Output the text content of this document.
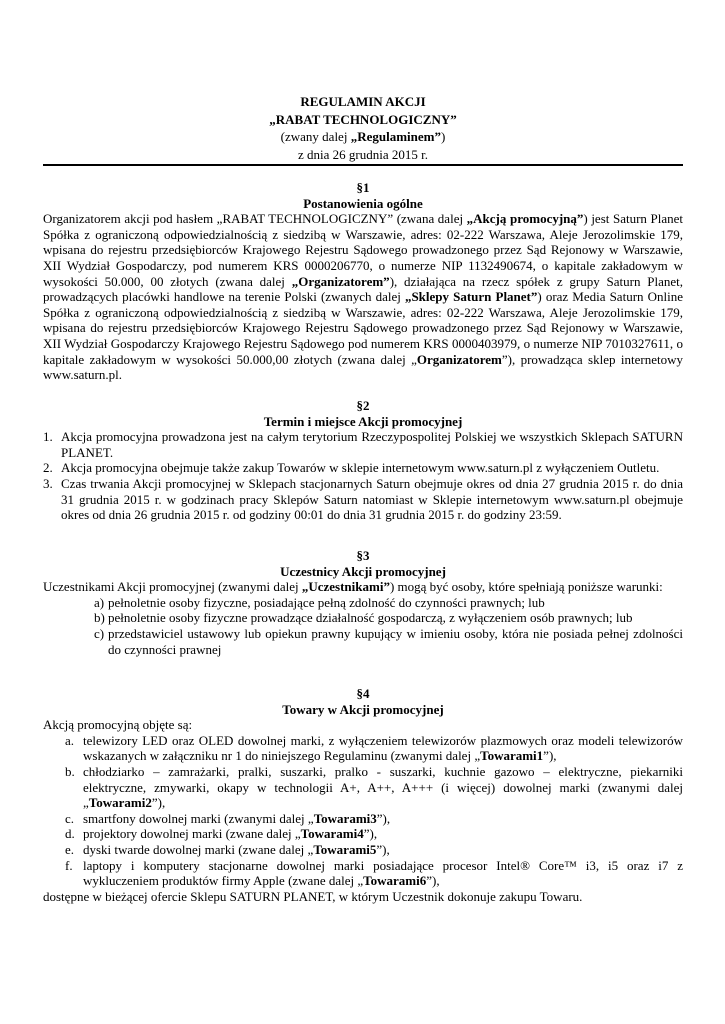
REGULAMIN AKCJI
„RABAT TECHNOLOGICZNY”
(zwany dalej „Regulaminem”)
z dnia 26 grudnia 2015 r.
§1
Postanowienia ogólne

Organizatorem akcji pod hasłem „RABAT TECHNOLOGICZNY” (zwana dalej „Akcją promocyjną”) jest Saturn Planet Spółka z ograniczoną odpowiedzialnością z siedzibą w Warszawie, adres: 02-222 Warszawa, Aleje Jerozolimskie 179, wpisana do rejestru przedsiębiorców Krajowego Rejestru Sądowego prowadzonego przez Sąd Rejonowy w Warszawie, XII Wydział Gospodarczy, pod numerem KRS 0000206770, o numerze NIP 1132490674, o kapitale zakładowym w wysokości 50.000, 00 złotych (zwana dalej „Organizatorem”), działająca na rzecz spółek z grupy Saturn Planet, prowadzących placówki handlowe na terenie Polski (zwanych dalej „Sklepy Saturn Planet”) oraz Media Saturn Online Spółka z ograniczoną odpowiedzialnością z siedzibą w Warszawie, adres: 02-222 Warszawa, Aleje Jerozolimskie 179, wpisana do rejestru przedsiębiorców Krajowego Rejestru Sądowego prowadzonego przez Sąd Rejonowy w Warszawie, XII Wydział Gospodarczy Krajowego Rejestru Sądowego pod numerem KRS 0000403979, o numerze NIP 7010327611, o kapitale zakładowym w wysokości 50.000,00 złotych (zwana dalej „Organizatorem”), prowadząca sklep internetowy www.saturn.pl.

§2
Termin i miejsce Akcji promocyjnej
1. Akcja promocyjna prowadzona jest na całym terytorium Rzeczypospolitej Polskiej we wszystkich Sklepach SATURN PLANET.
2. Akcja promocyjna obejmuje także zakup Towarów w sklepie internetowym www.saturn.pl z wyłączeniem Outletu.
3. Czas trwania Akcji promocyjnej w Sklepach stacjonarnych Saturn obejmuje okres od dnia 27 grudnia 2015 r. do dnia 31 grudnia 2015 r. w godzinach pracy Sklepów Saturn natomiast w Sklepie internetowym www.saturn.pl obejmuje okres od dnia 26 grudnia 2015 r. od godziny 00:01 do dnia 31 grudnia 2015 r. do godziny 23:59.
§3
Uczestnicy Akcji promocyjnej

Uczestnikami Akcji promocyjnej (zwanymi dalej „Uczestnikami”) mogą być osoby, które spełniają poniższe warunki:

a) pełnoletnie osoby fizyczne, posiadające pełną zdolność do czynności prawnych; lub
b) pełnoletnie osoby fizyczne prowadzące działalność gospodarczą, z wyłączeniem osób prawnych; lub
c) przedstawiciel ustawowy lub opiekun prawny kupujący w imieniu osoby, która nie posiada pełnej zdolności do czynności prawnej
§4
Towary w Akcji promocyjnej

Akcją promocyjną objęte są:

a. telewizory LED oraz OLED dowolnej marki, z wyłączeniem telewizorów plazmowych oraz modeli telewizorów wskazanych w załączniku nr 1 do niniejszego Regulaminu (zwanymi dalej „Towarami1”),
b. chłodziarko – zamrażarki, pralki, suszarki, pralko - suszarki, kuchnie gazowo – elektryczne, piekarniki elektryczne, zmywarki, okapy w technologii A+, A++, A+++ (i więcej) dowolnej marki (zwanymi dalej „Towarami2”),
c. smartfony dowolnej marki (zwanymi dalej „Towarami3”),
d. projektory dowolnej marki (zwane dalej „Towarami4”),
e. dyski twarde dowolnej marki (zwane dalej „Towarami5”),
f. laptopy i komputery stacjonarne dowolnej marki posiadające procesor Intel® Core™ i3, i5 oraz i7 z wykluczeniem produktów firmy Apple (zwane dalej „Towarami6”),

dostępne w bieżącej ofercie Sklepu SATURN PLANET, w którym Uczestnik dokonuje zakupu Towaru.
